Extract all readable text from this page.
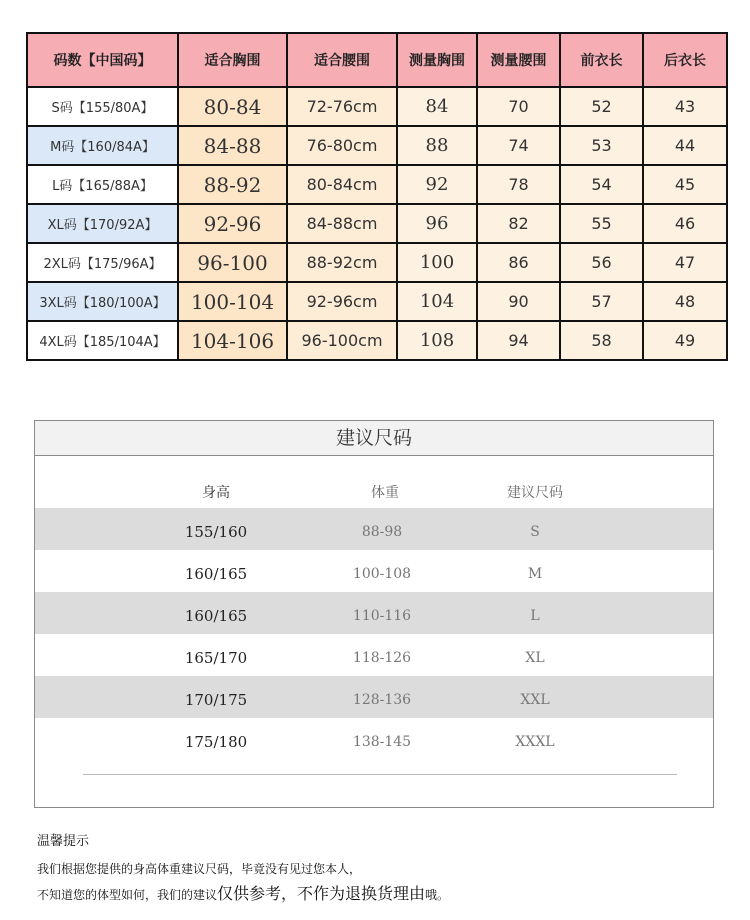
码数【中国码】	适合胸围	适合腰围	测量胸围	测量腰围	前衣长	后衣长
S码【155/80A】	80-84	72-76cm	84	70	52	43
M码【160/84A】	84-88	76-80cm	88	74	53	44
L码【165/88A】	88-92	80-84cm	92	78	54	45
XL码【170/92A】	92-96	84-88cm	96	82	55	46
2XL码【175/96A】	96-100	88-92cm	100	86	56	47
3XL码【180/100A】	100-104	92-96cm	104	90	57	48
4XL码【185/104A】	104-106	96-100cm	108	94	58	49
建议尺码
身高	体重	建议尺码
155/160	88-98	S
160/165	100-108	M
160/165	110-116	L
165/170	118-126	XL
170/175	128-136	XXL
175/180	138-145	XXXL
温馨提示
我们根据您提供的身高体重建议尺码，毕竟没有见过您本人，
不知道您的体型如何，我们的建议仅供参考，不作为退换货理由哦。
